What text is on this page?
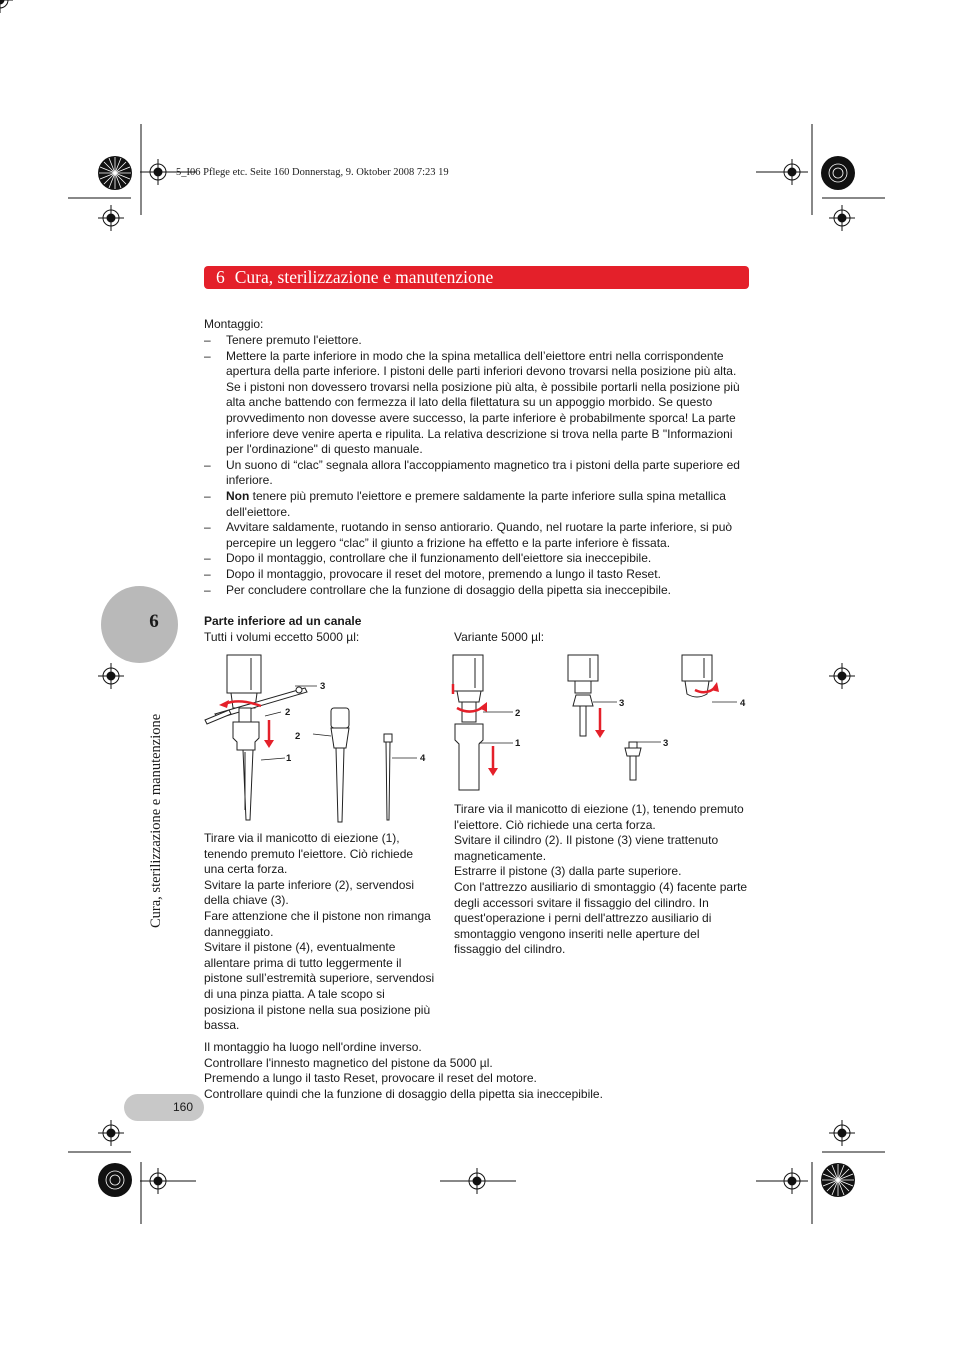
5_I06 Pflege etc. Seite 160 Donnerstag, 9. Oktober 2008 7:23 19
6 Cura, sterilizzazione e manutenzione
6
Cura, sterilizzazione e manutenzione
Montaggio:
– Tenere premuto l'eiettore.
– Mettere la parte inferiore in modo che la spina metallica dell’eiettore entri nella corrispondente apertura della parte inferiore. I pistoni delle parti inferiori devono trovarsi nella posizione più alta. Se i pistoni non dovessero trovarsi nella posizione più alta, è possibile portarli nella posizione più alta anche battendo con fermezza il lato della filettatura su un appoggio morbido. Se questo provvedimento non dovesse avere successo, la parte inferiore è probabilmente sporca! La parte inferiore deve venire aperta e ripulita. La relativa descrizione si trova nella parte B "Informazioni per l'ordinazione" di questo manuale.
– Un suono di “clac” segnala allora l'accoppiamento magnetico tra i pistoni della parte superiore ed inferiore.
– Non tenere più premuto l'eiettore e premere saldamente la parte inferiore sulla spina metallica dell'eiettore.
– Avvitare saldamente, ruotando in senso antiorario. Quando, nel ruotare la parte inferiore, si può percepire un leggero “clac” il giunto a frizione ha effetto e la parte inferiore è fissata.
– Dopo il montaggio, controllare che il funzionamento dell'eiettore sia ineccepibile.
– Dopo il montaggio, provocare il reset del motore, premendo a lungo il tasto Reset.
– Per concludere controllare che la funzione di dosaggio della pipetta sia ineccepibile.
Parte inferiore ad un canale
Tutti i volumi eccetto 5000 µl:	Variante 5000 µl:
3
2
2
1	4
2
1
3
3
4
Tirare via il manicotto di eiezione (1), tenendo premuto l'eiettore. Ciò richiede una certa forza.
Svitare la parte inferiore (2), servendosi della chiave (3).
Fare attenzione che il pistone non rimanga danneggiato.
Svitare il pistone (4), eventualmente allentare prima di tutto leggermente il pistone sull’estremità superiore, servendosi di una pinza piatta. A tale scopo si posiziona il pistone nella sua posizione più bassa.
Tirare via il manicotto di eiezione (1), tenendo premuto l'eiettore. Ciò richiede una certa forza.
Svitare il cilindro (2). Il pistone (3) viene trattenuto magneticamente.
Estrarre il pistone (3) dalla parte superiore.
Con l'attrezzo ausiliario di smontaggio (4) facente parte degli accessori svitare il fissaggio del cilindro. In quest'operazione i perni dell'attrezzo ausiliario di smontaggio vengono inseriti nelle aperture del fissaggio del cilindro.
Il montaggio ha luogo nell'ordine inverso.
Controllare l'innesto magnetico del pistone da 5000 µl.
Premendo a lungo il tasto Reset, provocare il reset del motore.
Controllare quindi che la funzione di dosaggio della pipetta sia ineccepibile.
160
